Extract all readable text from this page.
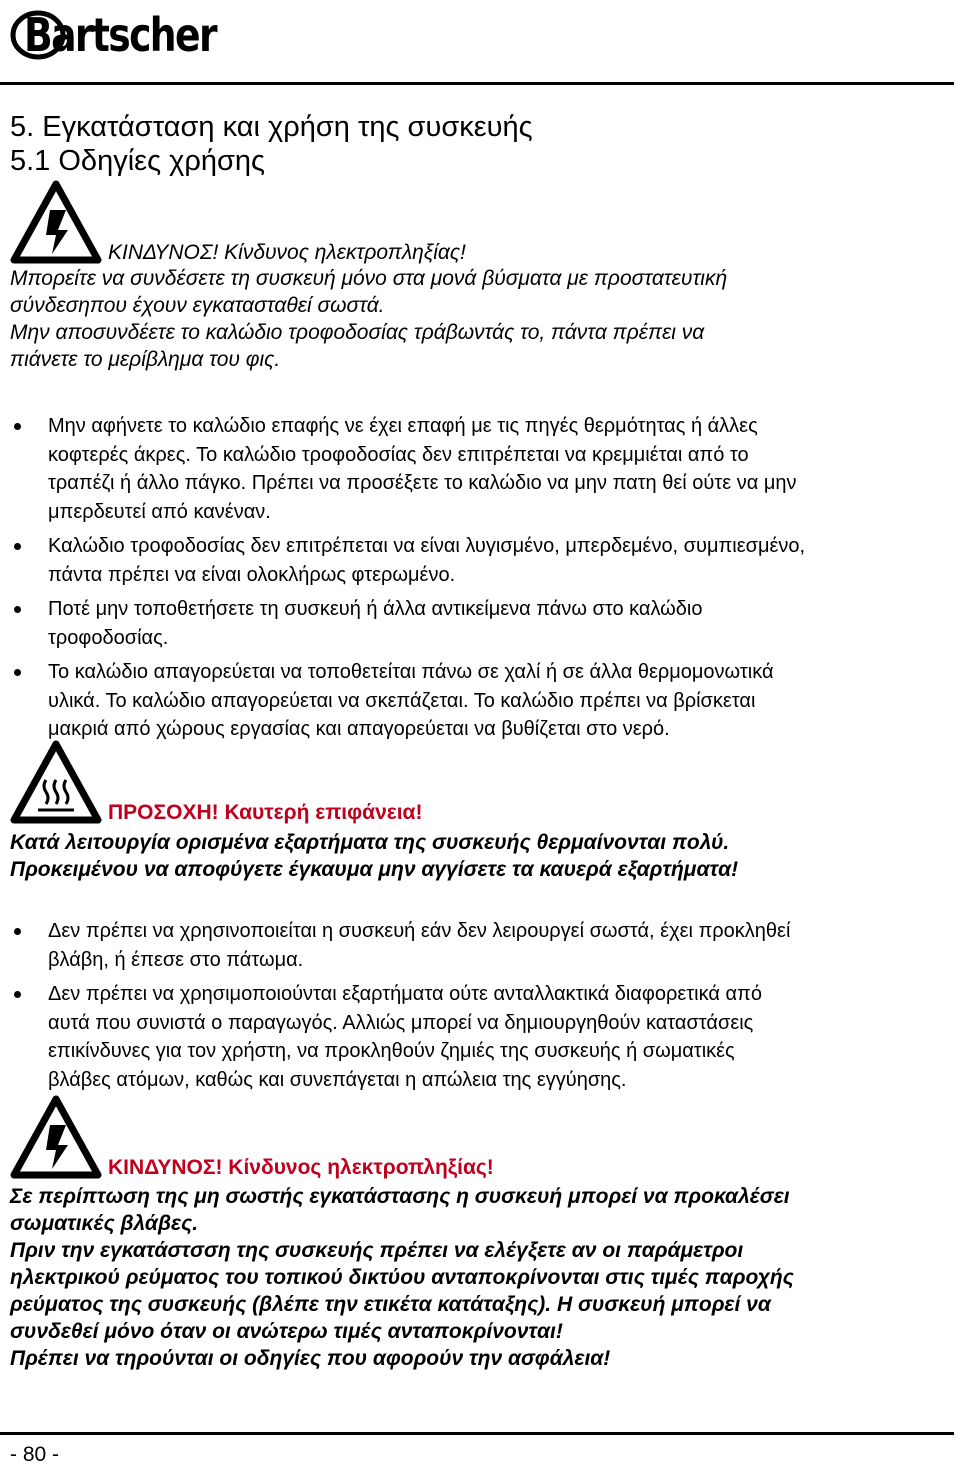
Bartscher
5. Εγκατάσταση και χρήση της συσκευής
5.1 Οδηγίες χρήσης
ΚΙΝΔΥΝΟΣ! Κίνδυνος ηλεκτροπληξίας!

Μπορείτε να συνδέσετε τη συσκευή μόνο στα μονά βύσματα με προστατευτική

σύνδεσηπου έχουν εγκατασταθεί σωστά.

Μην αποσυνδέετε το καλώδιο τροφοδοσίας τράβωντάς το, πάντα πρέπει να

πιάνετε το μερίβλημα του φις.

Μην αφήνετε το καλώδιο επαφής νε έχει επαφή με τις πηγές θερμότητας ή άλλες

κοφτερές άκρες. Το καλώδιο τροφοδοσίας δεν επιτρέπεται να κρεμμιέται από το

τραπέζι ή άλλο πάγκο. Πρέπει να προσέξετε το καλώδιο να μην πατη θεί ούτε να μην

μπερδευτεί από κανέναν.

Καλώδιο τροφοδοσίας δεν επιτρέπεται να είναι λυγισμένο, μπερδεμένο, συμπιεσμένο,

πάντα πρέπει να είναι ολοκλήρως φτερωμένο.

Ποτέ μην τοποθετήσετε τη συσκευή ή άλλα αντικείμενα πάνω στο καλώδιο

τροφοδοσίας.

Το καλώδιο απαγορεύεται να τοποθετείται πάνω σε χαλί ή σε άλλα θερμομονωτικά

υλικά. Το καλώδιο απαγορεύεται να σκεπάζεται. Το καλώδιο πρέπει να βρίσκεται

μακριά από χώρους εργασίας και απαγορεύεται να βυθίζεται στο νερό.

ΠΡΟΣΟΧΗ! Καυτερή επιφάνεια!

Κατά λειτουργία ορισμένα εξαρτήματα της συσκευής θερμαίνονται πολύ.

Προκειμένου να αποφύγετε έγκαυμα μην αγγίσετε τα καυερά εξαρτήματα!

Δεν πρέπει να χρησινοποιείται η συσκευή εάν δεν λειρουργεί σωστά, έχει προκληθεί

βλάβη, ή έπεσε στο πάτωμα.

Δεν πρέπει να χρησιμοποιούνται εξαρτήματα ούτε ανταλλακτικά διαφορετικά από

αυτά που συνιστά ο παραγωγός. Αλλιώς μπορεί να δημιουργηθούν καταστάσεις

επικίνδυνες για τον χρήστη, να προκληθούν ζημιές της συσκευής ή σωματικές

βλάβες ατόμων, καθώς και συνεπάγεται η απώλεια της εγγύησης.

ΚΙΝΔΥΝΟΣ! Κίνδυνος ηλεκτροπληξίας!

Σε περίπτωση της μη σωστής εγκατάστασης η συσκευή μπορεί να προκαλέσει

σωματικές βλάβες.

Πριν την εγκατάστσση της συσκευής πρέπει να ελέγξετε αν οι παράμετροι

ηλεκτρικού ρεύματος του τοπικού δικτύου ανταποκρίνονται στις τιμές παροχής

ρεύματος της συσκευής (βλέπε την ετικέτα κατάταξης). Η συσκευή μπορεί να

συνδεθεί μόνο όταν οι ανώτερω τιμές ανταποκρίνονται!

Πρέπει να τηρούνται οι οδηγίες που αφορούν την ασφάλεια!

- 80 -
